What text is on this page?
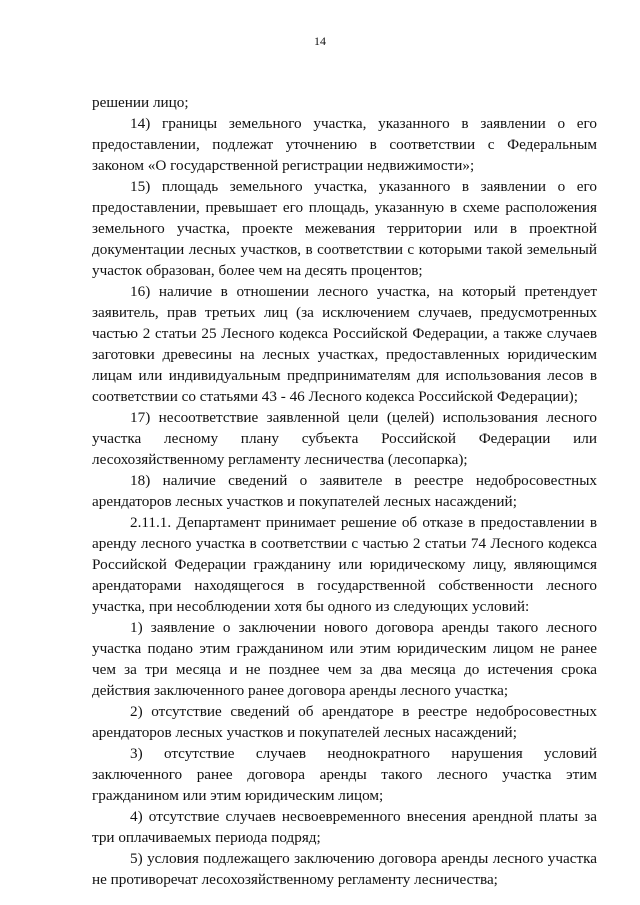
14

решении лицо;

14) границы земельного участка, указанного в заявлении о его предоставлении, подлежат уточнению в соответствии с Федеральным законом «О государственной регистрации недвижимости»;

15) площадь земельного участка, указанного в заявлении о его предоставлении, превышает его площадь, указанную в схеме расположения земельного участка, проекте межевания территории или в проектной документации лесных участков, в соответствии с которыми такой земельный участок образован, более чем на десять процентов;

16) наличие в отношении лесного участка, на который претендует заявитель, прав третьих лиц (за исключением случаев, предусмотренных частью 2 статьи 25 Лесного кодекса Российской Федерации, а также случаев заготовки древесины на лесных участках, предоставленных юридическим лицам или индивидуальным предпринимателям для использования лесов в соответствии со статьями 43 - 46 Лесного кодекса Российской Федерации);

17) несоответствие заявленной цели (целей) использования лесного участка лесному плану субъекта Российской Федерации или лесохозяйственному регламенту лесничества (лесопарка);

18) наличие сведений о заявителе в реестре недобросовестных арендаторов лесных участков и покупателей лесных насаждений;

2.11.1. Департамент принимает решение об отказе в предоставлении в аренду лесного участка в соответствии с частью 2 статьи 74 Лесного кодекса Российской Федерации гражданину или юридическому лицу, являющимся арендаторами находящегося в государственной собственности лесного участка, при несоблюдении хотя бы одного из следующих условий:

1) заявление о заключении нового договора аренды такого лесного участка подано этим гражданином или этим юридическим лицом не ранее чем за три месяца и не позднее чем за два месяца до истечения срока действия заключенного ранее договора аренды лесного участка;

2) отсутствие сведений об арендаторе в реестре недобросовестных арендаторов лесных участков и покупателей лесных насаждений;

3) отсутствие случаев неоднократного нарушения условий заключенного ранее договора аренды такого лесного участка этим гражданином или этим юридическим лицом;

4) отсутствие случаев несвоевременного внесения арендной платы за три оплачиваемых периода подряд;

5) условия подлежащего заключению договора аренды лесного участка не противоречат лесохозяйственному регламенту лесничества;
